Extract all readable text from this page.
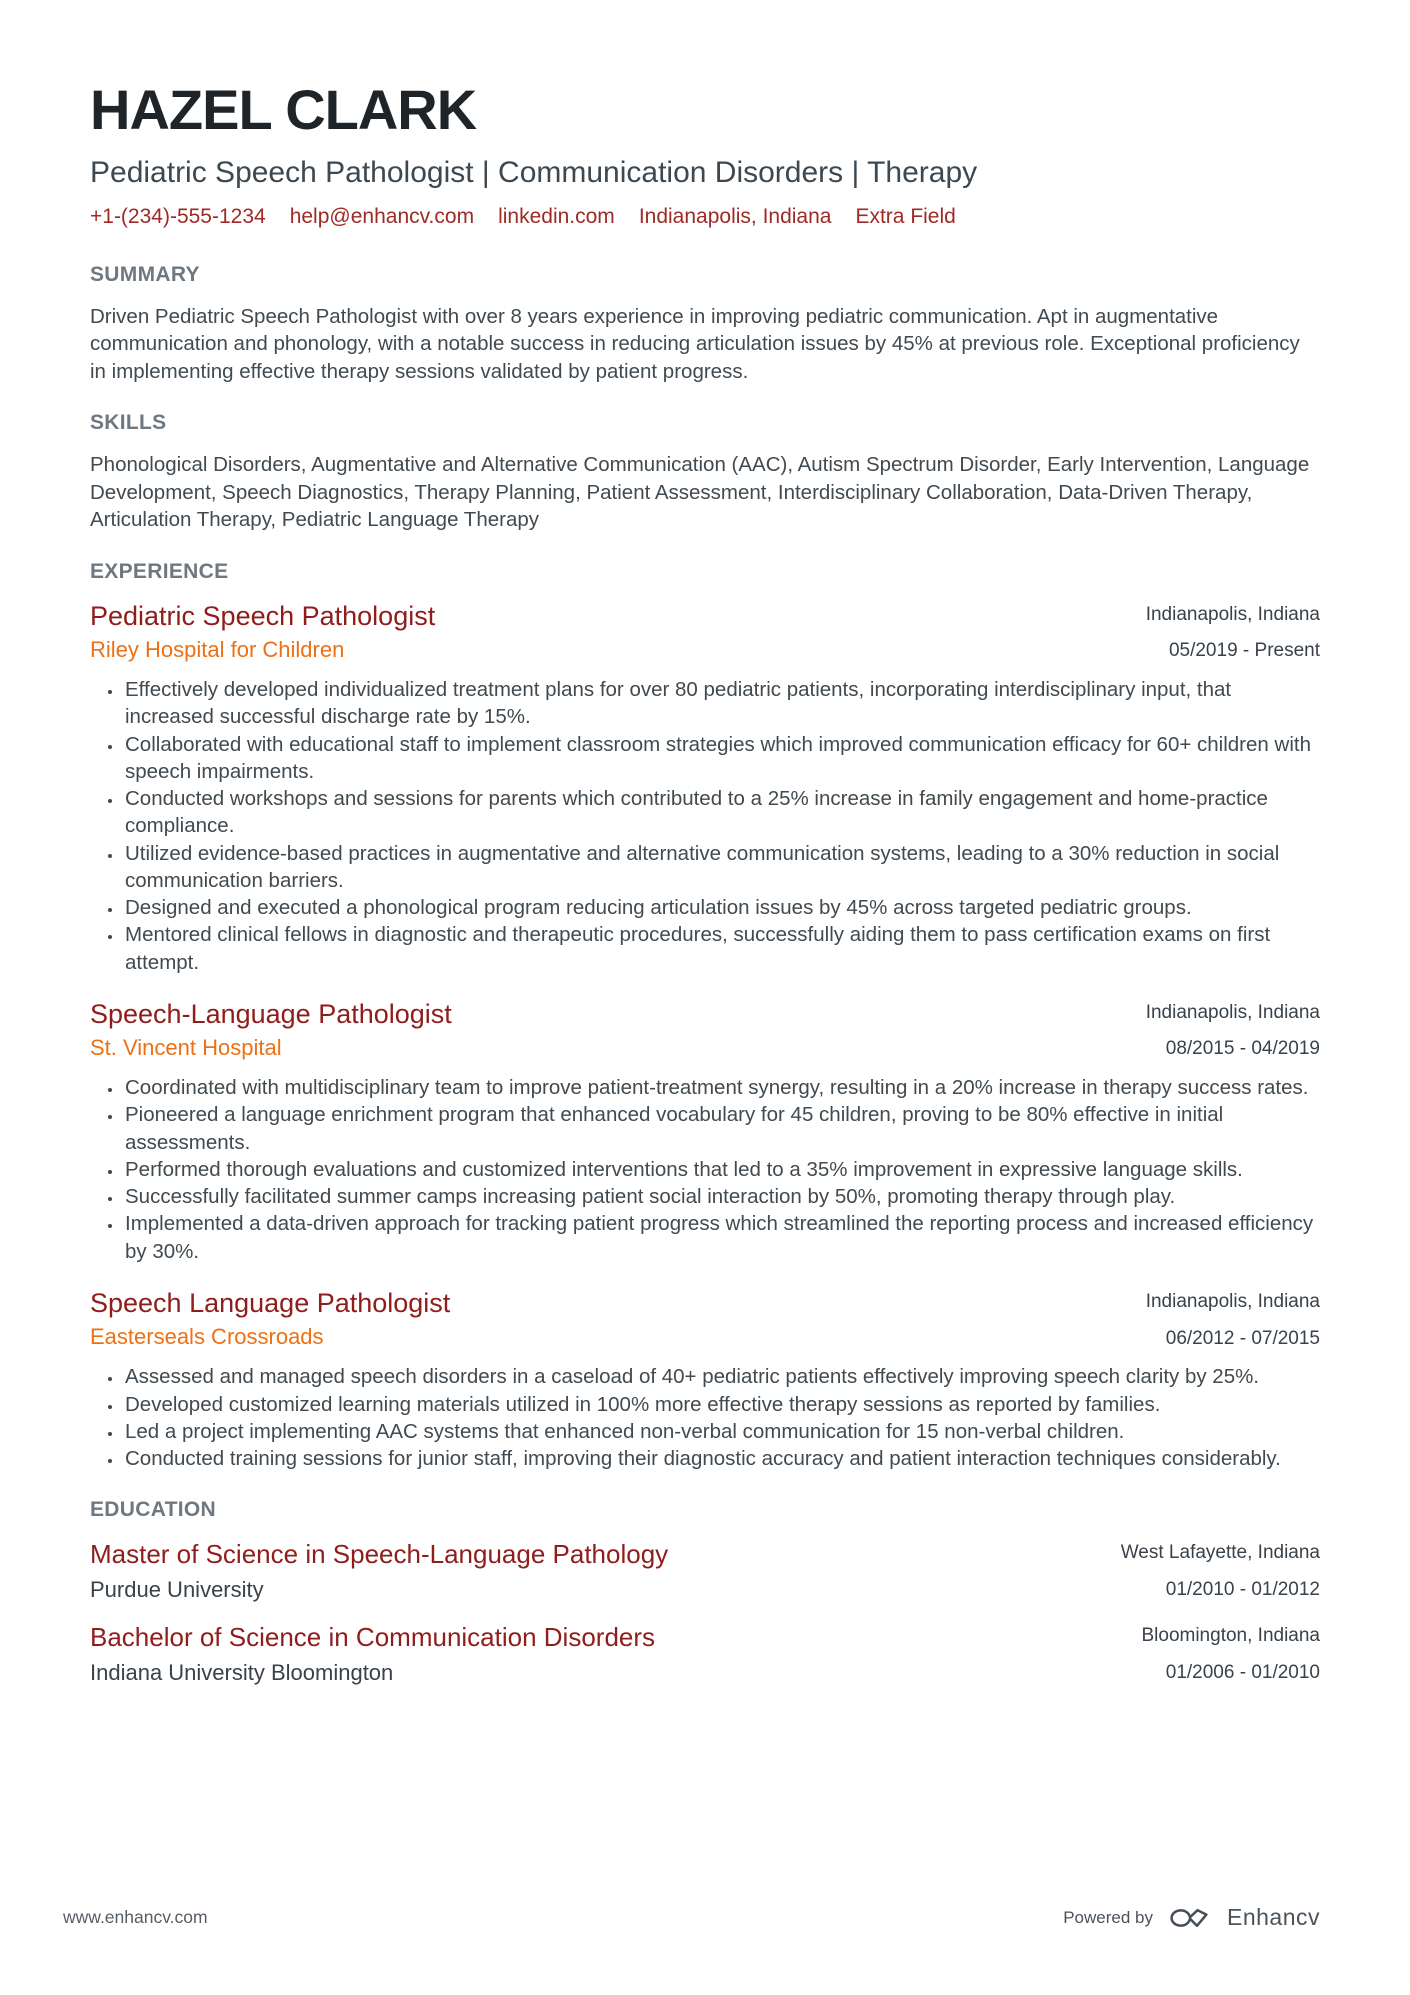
HAZEL CLARK
Pediatric Speech Pathologist | Communication Disorders | Therapy
+1-(234)-555-1234 help@enhancv.com linkedin.com Indianapolis, Indiana Extra Field
SUMMARY

Driven Pediatric Speech Pathologist with over 8 years experience in improving pediatric communication. Apt in augmentative communication and phonology, with a notable success in reducing articulation issues by 45% at previous role. Exceptional proficiency in implementing effective therapy sessions validated by patient progress.

SKILLS

Phonological Disorders, Augmentative and Alternative Communication (AAC), Autism Spectrum Disorder, Early Intervention, Language Development, Speech Diagnostics, Therapy Planning, Patient Assessment, Interdisciplinary Collaboration, Data-Driven Therapy, Articulation Therapy, Pediatric Language Therapy

EXPERIENCE
Pediatric Speech Pathologist
Riley Hospital for Children
Indianapolis, Indiana
05/2019 - Present
• Effectively developed individualized treatment plans for over 80 pediatric patients, incorporating interdisciplinary input, that increased successful discharge rate by 15%.
• Collaborated with educational staff to implement classroom strategies which improved communication efficacy for 60+ children with speech impairments.
• Conducted workshops and sessions for parents which contributed to a 25% increase in family engagement and home-practice compliance.
• Utilized evidence-based practices in augmentative and alternative communication systems, leading to a 30% reduction in social communication barriers.
• Designed and executed a phonological program reducing articulation issues by 45% across targeted pediatric groups.
• Mentored clinical fellows in diagnostic and therapeutic procedures, successfully aiding them to pass certification exams on first attempt.
Speech-Language Pathologist
St. Vincent Hospital
Indianapolis, Indiana
08/2015 - 04/2019
• Coordinated with multidisciplinary team to improve patient-treatment synergy, resulting in a 20% increase in therapy success rates.
• Pioneered a language enrichment program that enhanced vocabulary for 45 children, proving to be 80% effective in initial assessments.
• Performed thorough evaluations and customized interventions that led to a 35% improvement in expressive language skills.
• Successfully facilitated summer camps increasing patient social interaction by 50%, promoting therapy through play.
• Implemented a data-driven approach for tracking patient progress which streamlined the reporting process and increased efficiency by 30%.
Speech Language Pathologist
Easterseals Crossroads
Indianapolis, Indiana
06/2012 - 07/2015
• Assessed and managed speech disorders in a caseload of 40+ pediatric patients effectively improving speech clarity by 25%.
• Developed customized learning materials utilized in 100% more effective therapy sessions as reported by families.
• Led a project implementing AAC systems that enhanced non-verbal communication for 15 non-verbal children.
• Conducted training sessions for junior staff, improving their diagnostic accuracy and patient interaction techniques considerably.
EDUCATION
Master of Science in Speech-Language Pathology
Purdue University
West Lafayette, Indiana
01/2010 - 01/2012
Bachelor of Science in Communication Disorders
Indiana University Bloomington
Bloomington, Indiana
01/2006 - 01/2010
www.enhancv.com	Powered by	Enhancv
